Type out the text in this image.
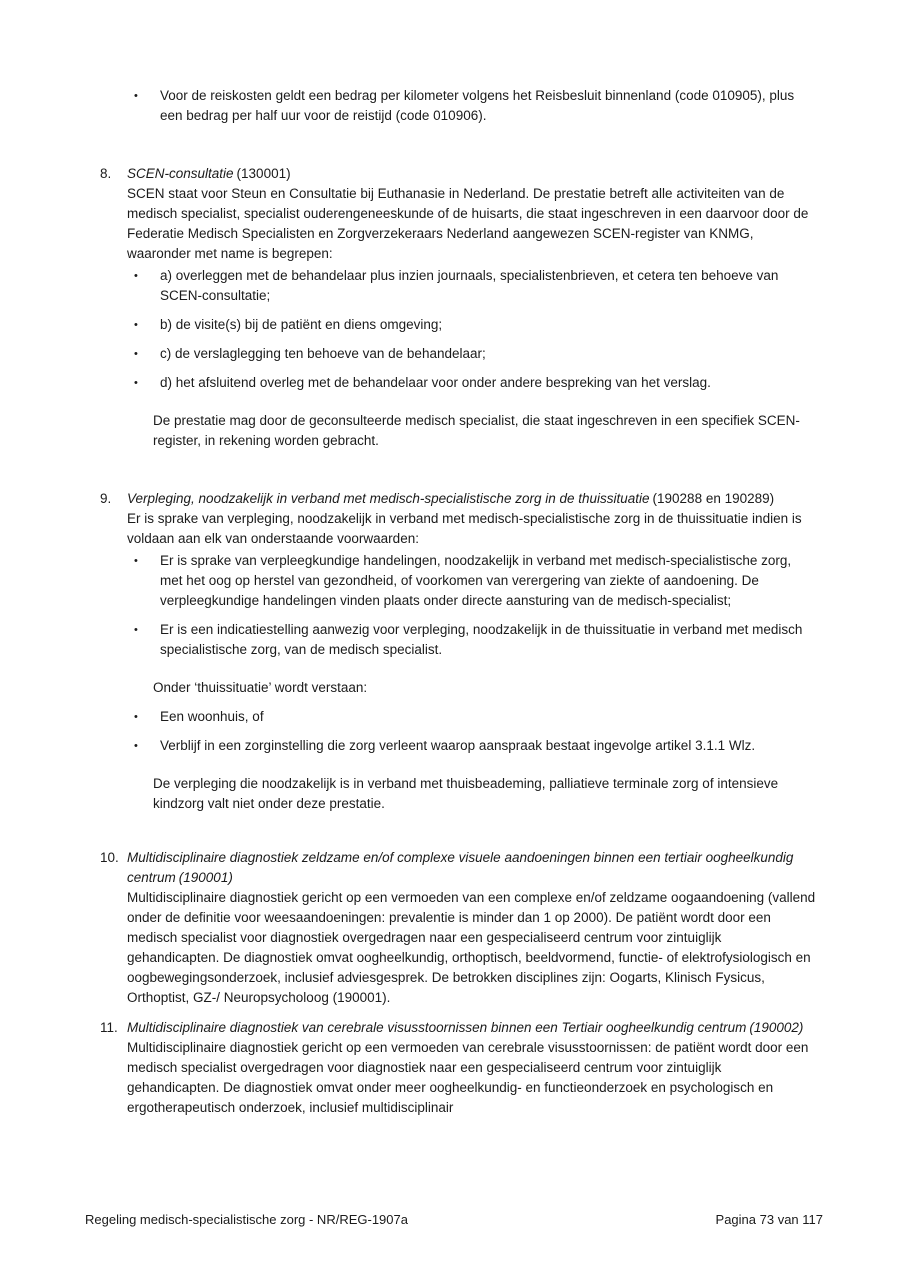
•	Voor de reiskosten geldt een bedrag per kilometer volgens het Reisbesluit binnenland (code 010905), plus een bedrag per half uur voor de reistijd (code 010906).
8.	SCEN-consultatie (130001)

SCEN staat voor Steun en Consultatie bij Euthanasie in Nederland. De prestatie betreft alle activiteiten van de medisch specialist, specialist ouderengeneeskunde of de huisarts, die staat ingeschreven in een daarvoor door de Federatie Medisch Specialisten en Zorgverzekeraars Nederland aangewezen SCEN-register van KNMG, waaronder met name is begrepen:

•	a) overleggen met de behandelaar plus inzien journaals, specialistenbrieven, et cetera ten behoeve van SCEN-consultatie;
•	b) de visite(s) bij de patiënt en diens omgeving;
•	c) de verslaglegging ten behoeve van de behandelaar;
•	d) het afsluitend overleg met de behandelaar voor onder andere bespreking van het verslag.

De prestatie mag door de geconsulteerde medisch specialist, die staat ingeschreven in een specifiek SCEN-register, in rekening worden gebracht.

9.	Verpleging, noodzakelijk in verband met medisch-specialistische zorg in de thuissituatie (190288 en 190289)

Er is sprake van verpleging, noodzakelijk in verband met medisch-specialistische zorg in de thuissituatie indien is voldaan aan elk van onderstaande voorwaarden:

•	Er is sprake van verpleegkundige handelingen, noodzakelijk in verband met medisch-specialistische zorg, met het oog op herstel van gezondheid, of voorkomen van verergering van ziekte of aandoening. De verpleegkundige handelingen vinden plaats onder directe aansturing van de medisch-specialist;
•	Er is een indicatiestelling aanwezig voor verpleging, noodzakelijk in de thuissituatie in verband met medisch specialistische zorg, van de medisch specialist.

Onder ‘thuissituatie’ wordt verstaan:

•	Een woonhuis, of
•	Verblijf in een zorginstelling die zorg verleent waarop aanspraak bestaat ingevolge artikel 3.1.1 Wlz.

De verpleging die noodzakelijk is in verband met thuisbeademing, palliatieve terminale zorg of intensieve kindzorg valt niet onder deze prestatie.

10. Multidisciplinaire diagnostiek zeldzame en/of complexe visuele aandoeningen binnen een tertiair oogheelkundig centrum (190001)

Multidisciplinaire diagnostiek gericht op een vermoeden van een complexe en/of zeldzame oogaandoening (vallend onder de definitie voor weesaandoeningen: prevalentie is minder dan 1 op 2000). De patiënt wordt door een medisch specialist voor diagnostiek overgedragen naar een gespecialiseerd centrum voor zintuiglijk gehandicapten. De diagnostiek omvat oogheelkundig, orthoptisch, beeldvormend, functie- of elektrofysiologisch en oogbewegingsonderzoek, inclusief adviesgesprek. De betrokken disciplines zijn: Oogarts, Klinisch Fysicus, Orthoptist, GZ-/ Neuropsycholoog (190001).

11. Multidisciplinaire diagnostiek van cerebrale visusstoornissen binnen een Tertiair oogheelkundig centrum (190002)

Multidisciplinaire diagnostiek gericht op een vermoeden van cerebrale visusstoornissen: de patiënt wordt door een medisch specialist overgedragen voor diagnostiek naar een gespecialiseerd centrum voor zintuiglijk gehandicapten. De diagnostiek omvat onder meer oogheelkundig- en functieonderzoek en psychologisch en ergotherapeutisch onderzoek, inclusief multidisciplinair

Regeling medisch-specialistische zorg - NR/REG-1907a	Pagina 73 van 117
